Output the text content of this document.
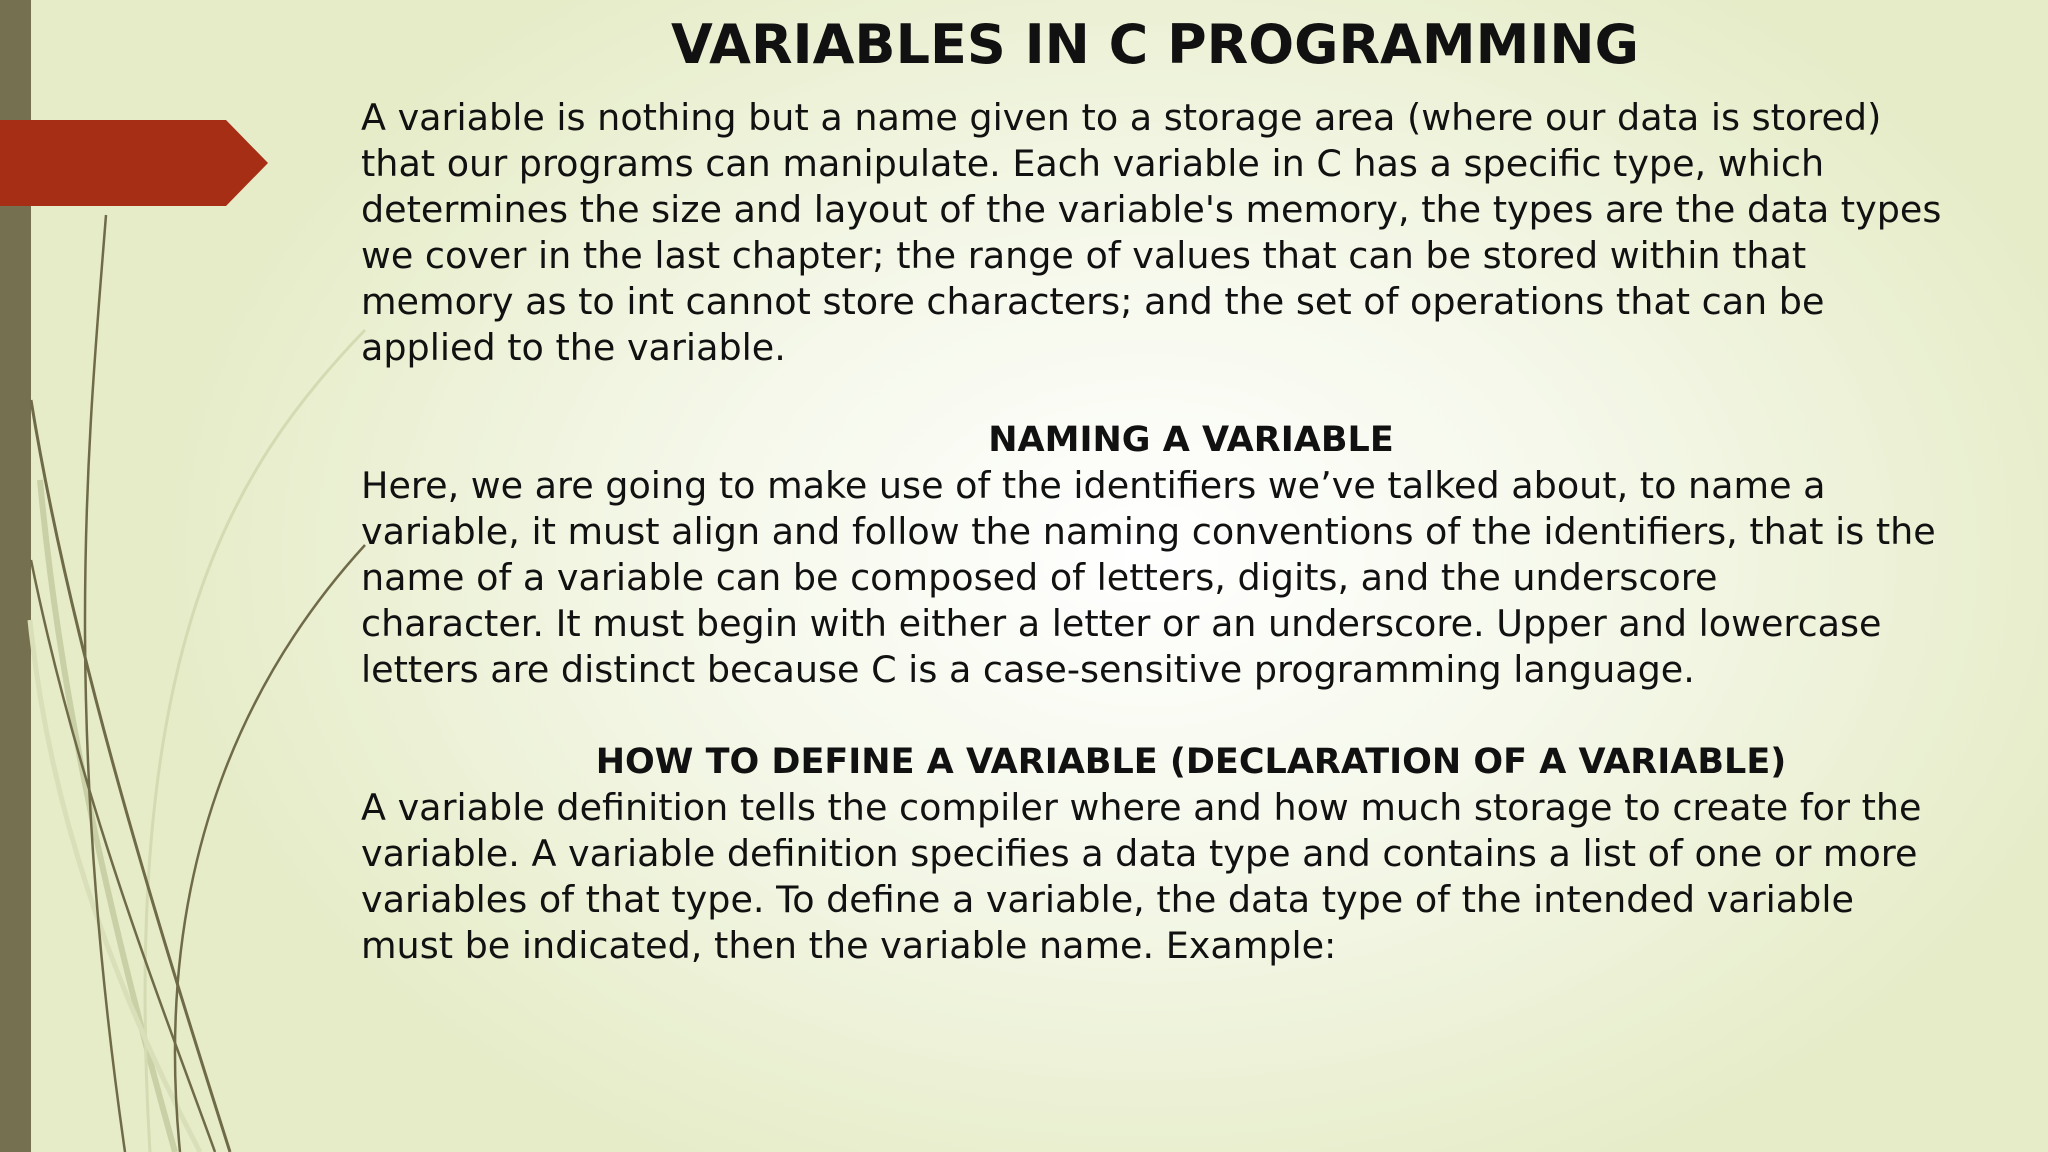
VARIABLES IN C PROGRAMMING

A variable is nothing but a name given to a storage area (where our data is stored)
that our programs can manipulate. Each variable in C has a specific type, which
determines the size and layout of the variable's memory, the types are the data types
we cover in the last chapter; the range of values that can be stored within that
memory as to int cannot store characters; and the set of operations that can be
applied to the variable.

NAMING A VARIABLE

Here, we are going to make use of the identifiers we’ve talked about, to name a
variable, it must align and follow the naming conventions of the identifiers, that is the
name of a variable can be composed of letters, digits, and the underscore
character. It must begin with either a letter or an underscore. Upper and lowercase
letters are distinct because C is a case-sensitive programming language.

HOW TO DEFINE A VARIABLE (DECLARATION OF A VARIABLE)

A variable definition tells the compiler where and how much storage to create for the
variable. A variable definition specifies a data type and contains a list of one or more
variables of that type. To define a variable, the data type of the intended variable
must be indicated, then the variable name. Example:
